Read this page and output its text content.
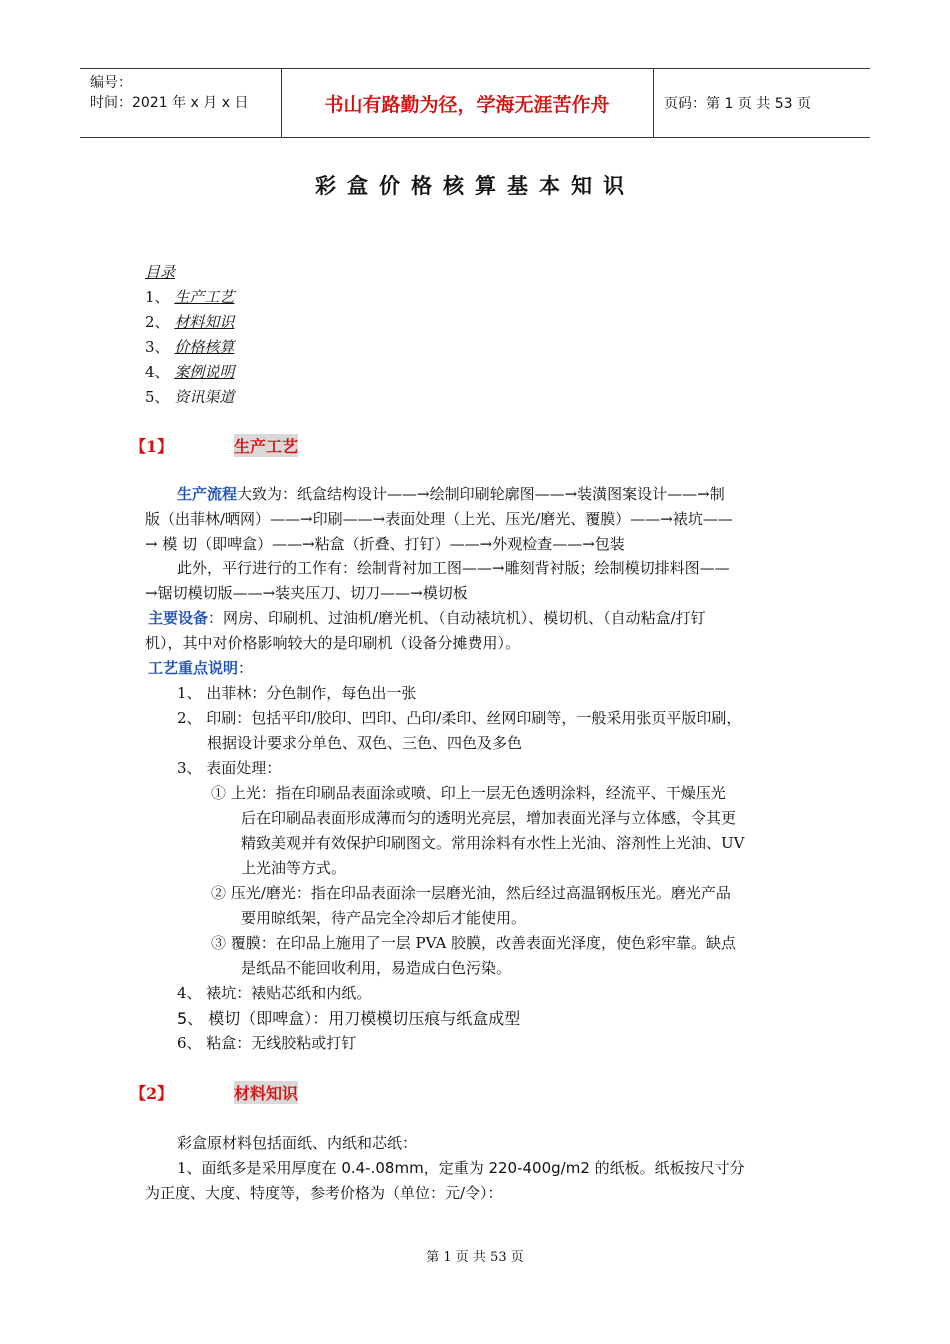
编号：
时间：2021 年 x 月 x 日	书山有路勤为径，学海无涯苦作舟	页码：第 1 页 共 53 页
彩盒价格核算基本知识
目录
1、 生产工艺
2、 材料知识
3、 价格核算
4、 案例说明
5、 资讯渠道
【1】	生产工艺
生产流程大致为：纸盒结构设计——→绘制印刷轮廓图——→装潢图案设计——→制
版（出菲林/晒网）——→印刷——→表面处理（上光、压光/磨光、覆膜）——→裱坑——
→ 模 切（即啤盒）——→粘盒（折叠、打钉）——→外观检查——→包装
此外，平行进行的工作有：绘制背衬加工图——→雕刻背衬版；绘制模切排料图——
→锯切模切版——→装夹压刀、切刀——→模切板
主要设备：网房、印刷机、过油机/磨光机、（自动裱坑机）、模切机、（自动粘盒/打钉
机），其中对价格影响较大的是印刷机（设备分摊费用）。
工艺重点说明：
1、 出菲林：分色制作，每色出一张
2、 印刷：包括平印/胶印、凹印、凸印/柔印、丝网印刷等，一般采用张页平版印刷，
根据设计要求分单色、双色、三色、四色及多色
3、 表面处理：
① 上光：指在印刷品表面涂或喷、印上一层无色透明涂料，经流平、干燥压光
后在印刷品表面形成薄而匀的透明光亮层，增加表面光泽与立体感，令其更
精致美观并有效保护印刷图文。常用涂料有水性上光油、溶剂性上光油、UV
上光油等方式。
② 压光/磨光：指在印品表面涂一层磨光油，然后经过高温钢板压光。磨光产品
要用晾纸架，待产品完全冷却后才能使用。
③ 覆膜：在印品上施用了一层 PVA 胶膜，改善表面光泽度，使色彩牢靠。缺点
是纸品不能回收利用，易造成白色污染。
4、 裱坑：裱贴芯纸和内纸。
5、 模切（即啤盒）：用刀模模切压痕与纸盒成型
6、 粘盒：无线胶粘或打钉
【2】	材料知识
彩盒原材料包括面纸、内纸和芯纸：
1、面纸多是采用厚度在 0.4-.08mm，定重为 220-400g/m2 的纸板。纸板按尺寸分
为正度、大度、特度等，参考价格为（单位：元/令）：
第 1 页 共 53 页
